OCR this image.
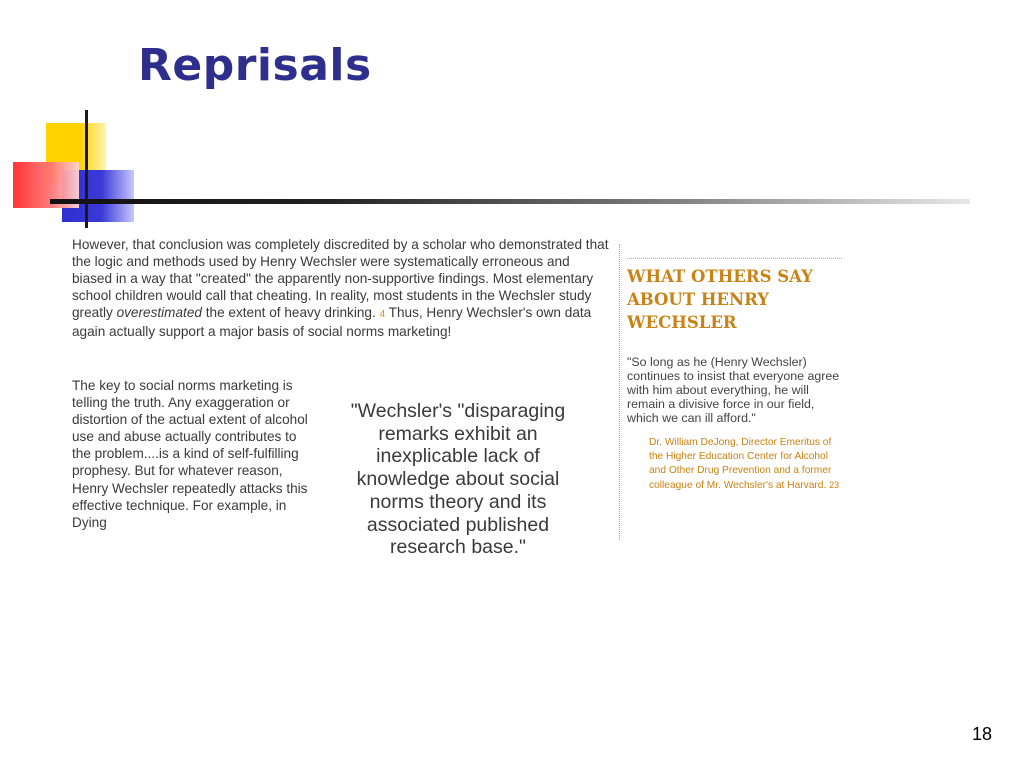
Reprisals

However, that conclusion was completely discredited by a scholar who demonstrated that the logic and methods used by Henry Wechsler were systematically erroneous and biased in a way that "created" the apparently non-supportive findings. Most elementary school children would call that cheating. In reality, most students in the Wechsler study greatly overestimated the extent of heavy drinking. 4 Thus, Henry Wechsler's own data again actually support a major basis of social norms marketing!

The key to social norms marketing is telling the truth. Any exaggeration or distortion of the actual extent of alcohol use and abuse actually contributes to the problem....is a kind of self-fulfilling prophesy. But for whatever reason, Henry Wechsler repeatedly attacks this effective technique. For example, in Dying

"Wechsler's "disparaging remarks exhibit an inexplicable lack of knowledge about social norms theory and its associated published research base."

WHAT OTHERS SAY ABOUT HENRY WECHSLER

"So long as he (Henry Wechsler) continues to insist that everyone agree with him about everything, he will remain a divisive force in our field, which we can ill afford."

Dr. William DeJong, Director Emeritus of the Higher Education Center for Alcohol and Other Drug Prevention and a former colleague of Mr. Wechsler's at Harvard. 23

18
